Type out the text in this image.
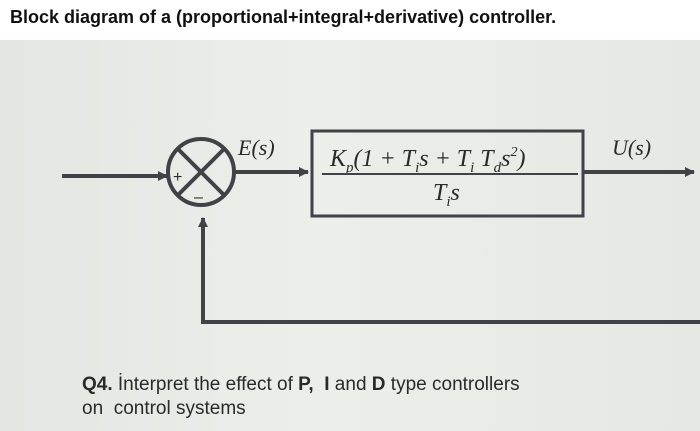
Block diagram of a (proportional+integral+derivative) controller.
+
–
E(s) $K_p(1 + T_is + T_i$ $T_ds^2$)
$T_is$
U(s)
Q4. İnterpret the effect of P, I and D type controllers
on  control systems
